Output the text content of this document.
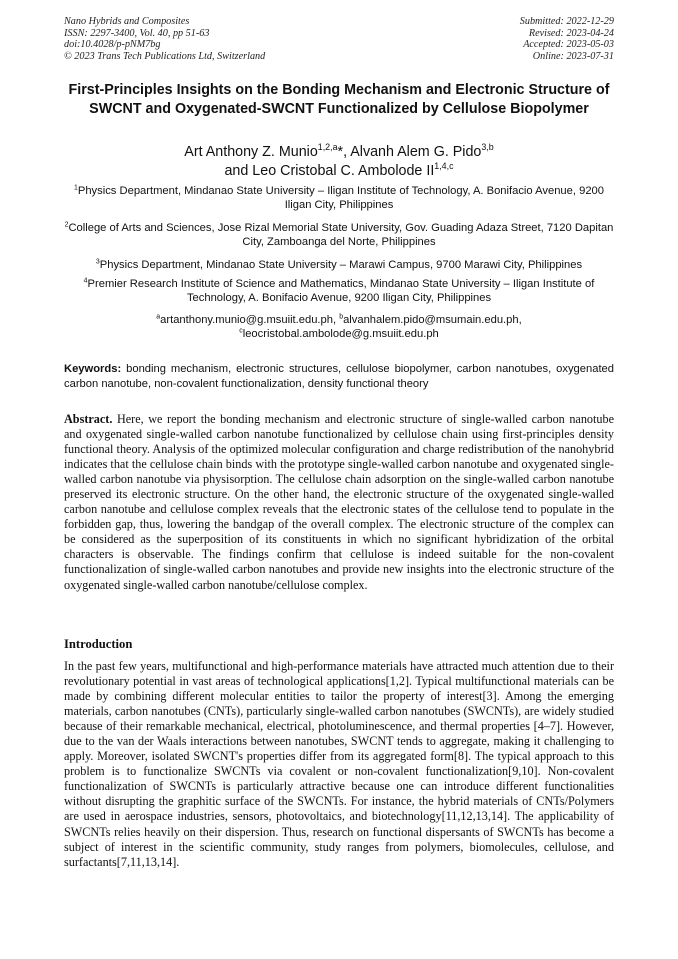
Nano Hybrids and Composites
ISSN: 2297-3400, Vol. 40, pp 51-63
doi:10.4028/p-pNM7bg
© 2023 Trans Tech Publications Ltd, Switzerland
Submitted: 2022-12-29
Revised: 2023-04-24
Accepted: 2023-05-03
Online: 2023-07-31
First-Principles Insights on the Bonding Mechanism and Electronic Structure of SWCNT and Oxygenated-SWCNT Functionalized by Cellulose Biopolymer
Art Anthony Z. Munio$^{1,2,a}$*, Alvanh Alem G. Pido$^{3,b}$
and Leo Cristobal C. Ambolode II$^{1,4,c}$
$^1$Physics Department, Mindanao State University – Iligan Institute of Technology, A. Bonifacio Avenue, 9200 Iligan City, Philippines
$^2$College of Arts and Sciences, Jose Rizal Memorial State University, Gov. Guading Adaza Street, 7120 Dapitan City, Zamboanga del Norte, Philippines
$^3$Physics Department, Mindanao State University – Marawi Campus, 9700 Marawi City, Philippines
$^4$Premier Research Institute of Science and Mathematics, Mindanao State University – Iligan Institute of Technology, A. Bonifacio Avenue, 9200 Iligan City, Philippines
$^a$artanthony.munio@g.msuiit.edu.ph, $^b$alvanhalem.pido@msumain.edu.ph,
$^c$leocristobal.ambolode@g.msuiit.edu.ph
Keywords: bonding mechanism, electronic structures, cellulose biopolymer, carbon nanotubes, oxygenated carbon nanotube, non-covalent functionalization, density functional theory
Abstract. Here, we report the bonding mechanism and electronic structure of single-walled carbon nanotube and oxygenated single-walled carbon nanotube functionalized by cellulose chain using first-principles density functional theory. Analysis of the optimized molecular configuration and charge redistribution of the nanohybrid indicates that the cellulose chain binds with the prototype single-walled carbon nanotube and oxygenated single-walled carbon nanotube via physisorption. The cellulose chain adsorption on the single-walled carbon nanotube preserved its electronic structure. On the other hand, the electronic structure of the oxygenated single-walled carbon nanotube and cellulose complex reveals that the electronic states of the cellulose tend to populate in the forbidden gap, thus, lowering the bandgap of the overall complex. The electronic structure of the complex can be considered as the superposition of its constituents in which no significant hybridization of the orbital characters is observable. The findings confirm that cellulose is indeed suitable for the non-covalent functionalization of single-walled carbon nanotubes and provide new insights into the electronic structure of the oxygenated single-walled carbon nanotube/cellulose complex.
Introduction
In the past few years, multifunctional and high-performance materials have attracted much attention due to their revolutionary potential in vast areas of technological applications[1,2]. Typical multifunctional materials can be made by combining different molecular entities to tailor the property of interest[3]. Among the emerging materials, carbon nanotubes (CNTs), particularly single-walled carbon nanotubes (SWCNTs), are widely studied because of their remarkable mechanical, electrical, photoluminescence, and thermal properties [4–7]. However, due to the van der Waals interactions between nanotubes, SWCNT tends to aggregate, making it challenging to apply. Moreover, isolated SWCNT's properties differ from its aggregated form[8]. The typical approach to this problem is to functionalize SWCNTs via covalent or non-covalent functionalization[9,10]. Non-covalent functionalization of SWCNTs is particularly attractive because one can introduce different functionalities without disrupting the graphitic surface of the SWCNTs. For instance, the hybrid materials of CNTs/Polymers are used in aerospace industries, sensors, photovoltaics, and biotechnology[11,12,13,14]. The applicability of SWCNTs relies heavily on their dispersion. Thus, research on functional dispersants of SWCNTs has become a subject of interest in the scientific community, study ranges from polymers, biomolecules, cellulose, and surfactants[7,11,13,14].
